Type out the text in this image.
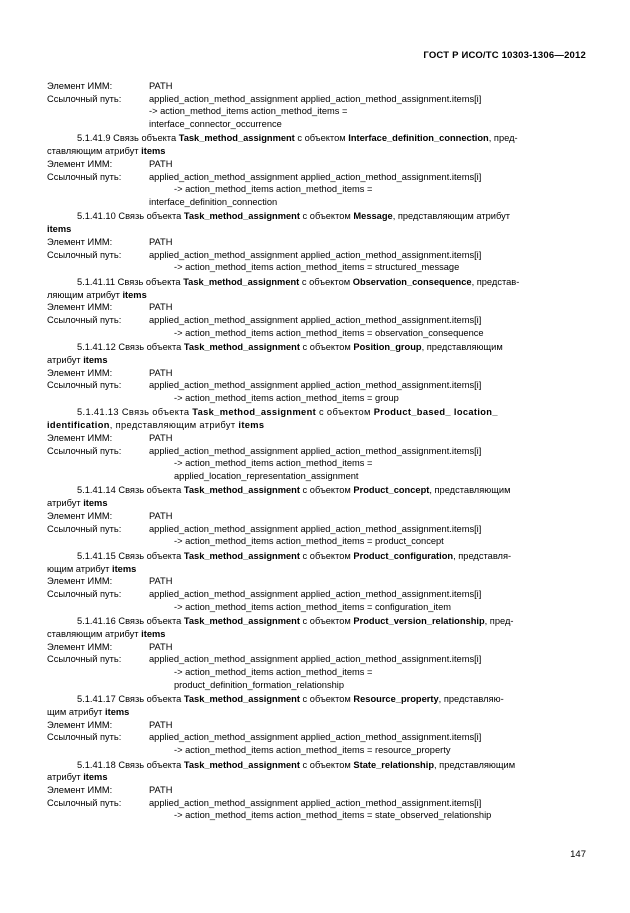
ГОСТ Р ИСО/ТС 10303-1306—2012
Элемент ИММ:	PATH
Ссылочный путь:	applied_action_method_assignment applied_action_method_assignment.items[i]
-> action_method_items action_method_items =
interface_connector_occurrence
5.1.41.9 Связь объекта Task_method_assignment с объектом Interface_definition_connection, пред-
ставляющим атрибут items
Элемент ИММ:	PATH
Ссылочный путь:	applied_action_method_assignment applied_action_method_assignment.items[i]
-> action_method_items action_method_items =
interface_definition_connection
5.1.41.10 Связь объекта Task_method_assignment с объектом Message, представляющим атрибут
items
Элемент ИММ:	PATH
Ссылочный путь:	applied_action_method_assignment applied_action_method_assignment.items[i]
-> action_method_items action_method_items = structured_message
5.1.41.11 Связь объекта Task_method_assignment с объектом Observation_consequence, представ-
ляющим атрибут items
Элемент ИММ:	PATH
Ссылочный путь:	applied_action_method_assignment applied_action_method_assignment.items[i]
-> action_method_items action_method_items = observation_consequence
5.1.41.12 Связь объекта Task_method_assignment с объектом Position_group, представляющим
атрибут items
Элемент ИММ:	PATH
Ссылочный путь:	applied_action_method_assignment applied_action_method_assignment.items[i]
-> action_method_items action_method_items = group
5.1.41.13 Связь объекта Task_method_assignment с объектом Product_based_ location_
identification, представляющим атрибут items
Элемент ИММ:	PATH
Ссылочный путь:	applied_action_method_assignment applied_action_method_assignment.items[i]
-> action_method_items action_method_items =
applied_location_representation_assignment
5.1.41.14 Связь объекта Task_method_assignment с объектом Product_concept, представляющим
атрибут items
Элемент ИММ:	PATH
Ссылочный путь:	applied_action_method_assignment applied_action_method_assignment.items[i]
-> action_method_items action_method_items = product_concept
5.1.41.15 Связь объекта Task_method_assignment с объектом Product_configuration, представля-
ющим атрибут items
Элемент ИММ:	PATH
Ссылочный путь:	applied_action_method_assignment applied_action_method_assignment.items[i]
-> action_method_items action_method_items = configuration_item
5.1.41.16 Связь объекта Task_method_assignment с объектом Product_version_relationship, пред-
ставляющим атрибут items
Элемент ИММ:	PATH
Ссылочный путь:	applied_action_method_assignment applied_action_method_assignment.items[i]
-> action_method_items action_method_items =
product_definition_formation_relationship
5.1.41.17 Связь объекта Task_method_assignment с объектом Resource_property, представляю-
щим атрибут items
Элемент ИММ:	PATH
Ссылочный путь:	applied_action_method_assignment applied_action_method_assignment.items[i]
-> action_method_items action_method_items = resource_property
5.1.41.18 Связь объекта Task_method_assignment с объектом State_relationship, представляющим
атрибут items
Элемент ИММ:	PATH
Ссылочный путь:	applied_action_method_assignment applied_action_method_assignment.items[i]
-> action_method_items action_method_items = state_observed_relationship
147
